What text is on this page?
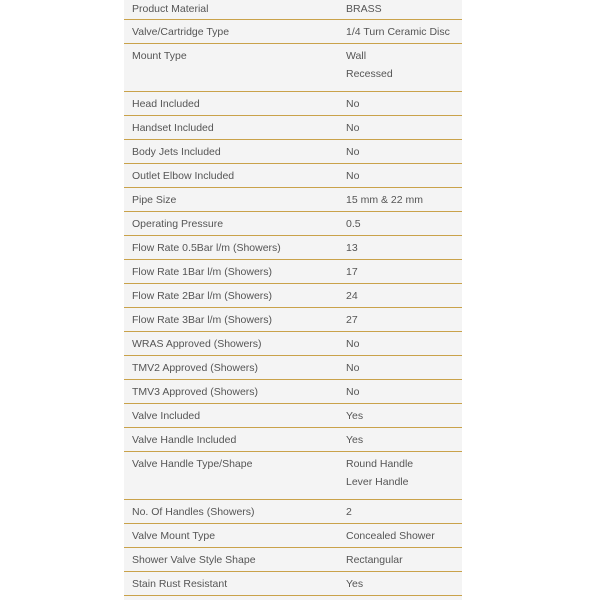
Product Material	BRASS
Valve/Cartridge Type	1/4 Turn Ceramic Disc
Mount Type	Wall
Recessed
Head Included	No
Handset Included	No
Body Jets Included	No
Outlet Elbow Included	No
Pipe Size	15 mm & 22 mm
Operating Pressure	0.5
Flow Rate 0.5Bar l/m (Showers)	13
Flow Rate 1Bar l/m (Showers)	17
Flow Rate 2Bar l/m (Showers)	24
Flow Rate 3Bar l/m (Showers)	27
WRAS Approved (Showers)	No
TMV2 Approved (Showers)	No
TMV3 Approved (Showers)	No
Valve Included	Yes
Valve Handle Included	Yes
Valve Handle Type/Shape	Round Handle
Lever Handle
No. Of Handles (Showers)	2
Valve Mount Type	Concealed Shower
Shower Valve Style Shape	Rectangular
Stain Rust Resistant	Yes
